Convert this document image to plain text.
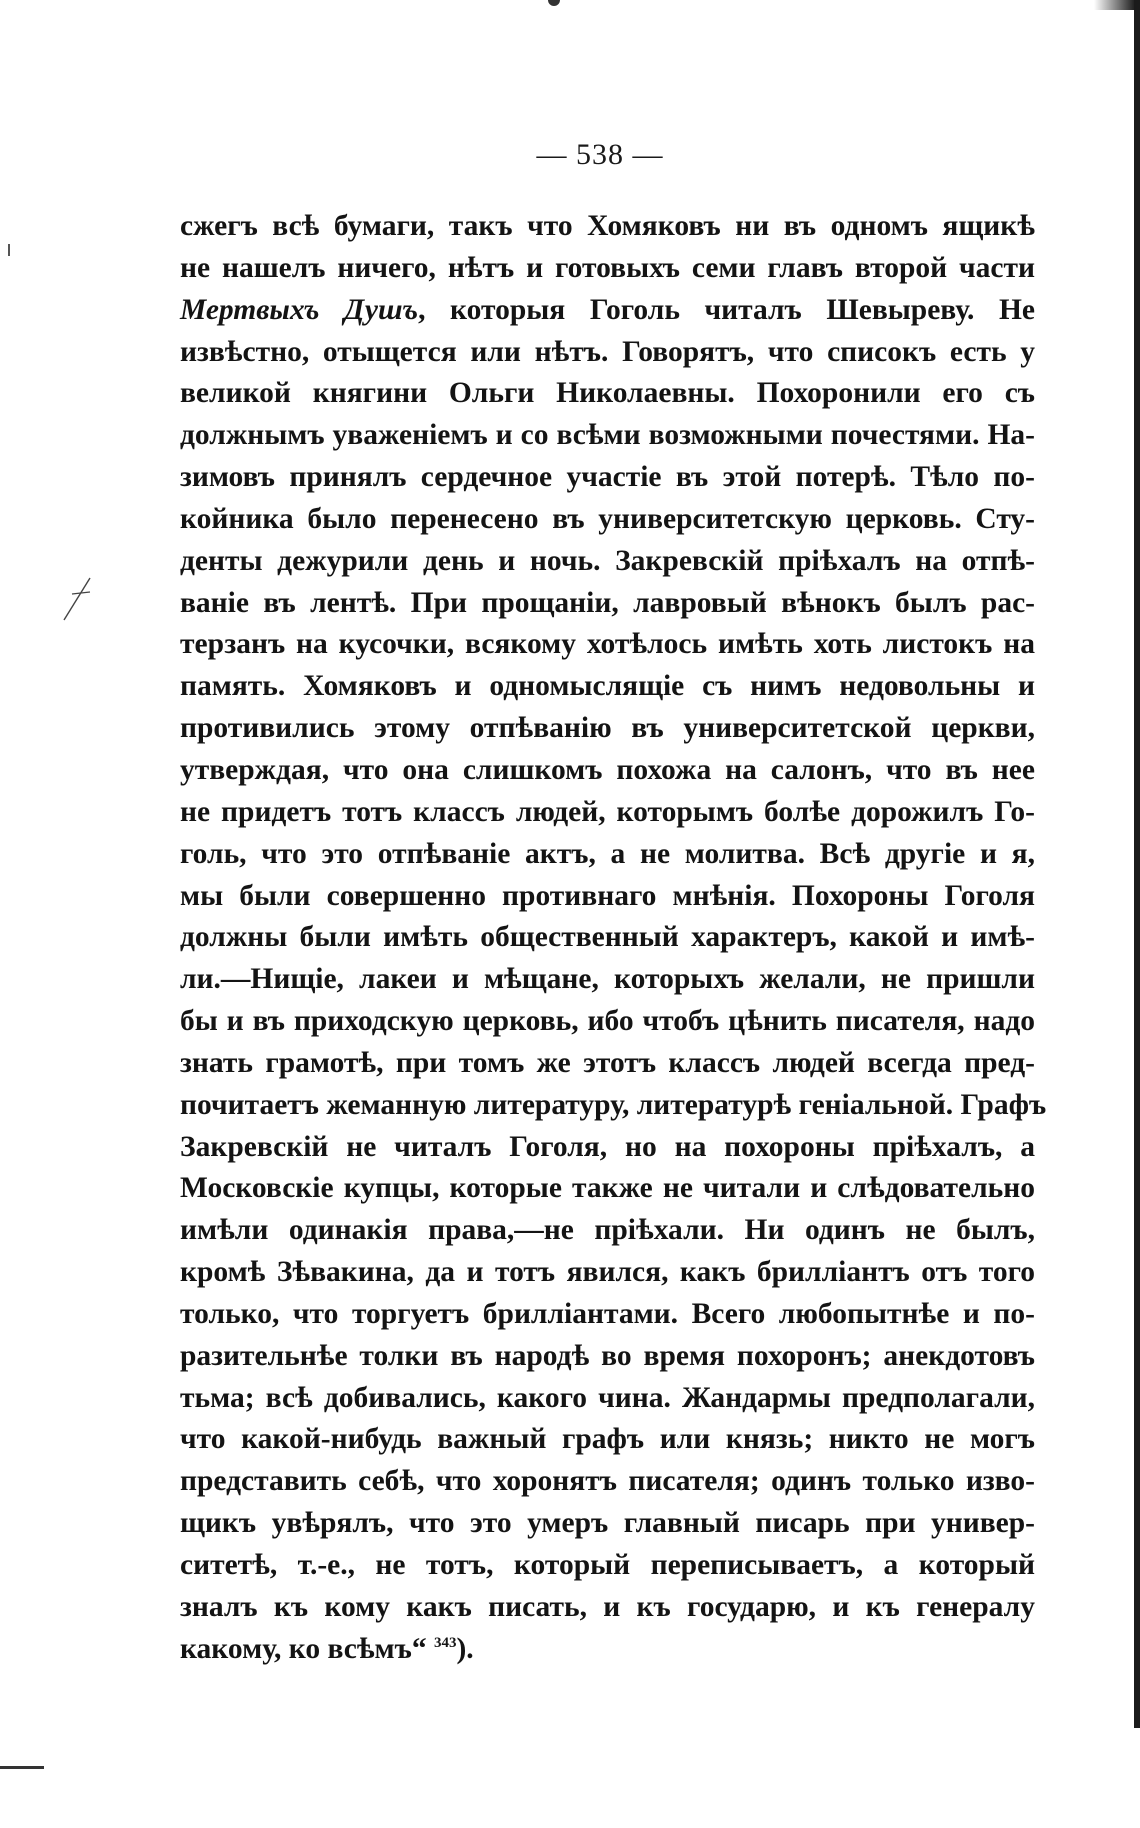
— 538 —
сжегъ всѣ бумаги, такъ что Хомяковъ ни въ одномъ ящикѣ
не нашелъ ничего, нѣтъ и готовыхъ семи главъ второй части
Мертвыхъ Душъ, которыя Гоголь читалъ Шевыреву. Не
извѣстно, отыщется или нѣтъ. Говорятъ, что списокъ есть у
великой княгини Ольги Николаевны. Похоронили его съ
должнымъ уваженіемъ и со всѣми возможными почестями. На-
зимовъ принялъ сердечное участіе въ этой потерѣ. Тѣло по-
койника было перенесено въ университетскую церковь. Сту-
денты дежурили день и ночь. Закревскій пріѣхалъ на отпѣ-
ваніе въ лентѣ. При прощаніи, лавровый вѣнокъ былъ рас-
терзанъ на кусочки, всякому хотѣлось имѣть хоть листокъ на
память. Хомяковъ и одномыслящіе съ нимъ недовольны и
противились этому отпѣванію въ университетской церкви,
утверждая, что она слишкомъ похожа на салонъ, что въ нее
не придетъ тотъ классъ людей, которымъ болѣе дорожилъ Го-
голь, что это отпѣваніе актъ, а не молитва. Всѣ другіе и я,
мы были совершенно противнаго мнѣнія. Похороны Гоголя
должны были имѣть общественный характеръ, какой и имѣ-
ли.—Нищіе, лакеи и мѣщане, которыхъ желали, не пришли
бы и въ приходскую церковь, ибо чтобъ цѣнить писателя, надо
знать грамотѣ, при томъ же этотъ классъ людей всегда пред-
почитаетъ жеманную литературу, литературѣ геніальной. Графъ
Закревскій не читалъ Гоголя, но на похороны пріѣхалъ, а
Московскіе купцы, которые также не читали и слѣдовательно
имѣли одинакія права,—не пріѣхали. Ни одинъ не былъ,
кромѣ Зѣвакина, да и тотъ явился, какъ бриллiантъ отъ того
только, что торгуетъ брилліантами. Всего любопытнѣе и по-
разительнѣе толки въ народѣ во время похоронъ; анекдотовъ
тьма; всѣ добивались, какого чина. Жандармы предполагали,
что какой-нибудь важный графъ или князь; никто не могъ
представить себѣ, что хоронятъ писателя; одинъ только изво-
щикъ увѣрялъ, что это умеръ главный писарь при универ-
ситетѣ, т.-е., не тотъ, который переписываетъ, а который
зналъ къ кому какъ писать, и къ государю, и къ генералу
какому, ко всѣмъ“ $^{343}$).
